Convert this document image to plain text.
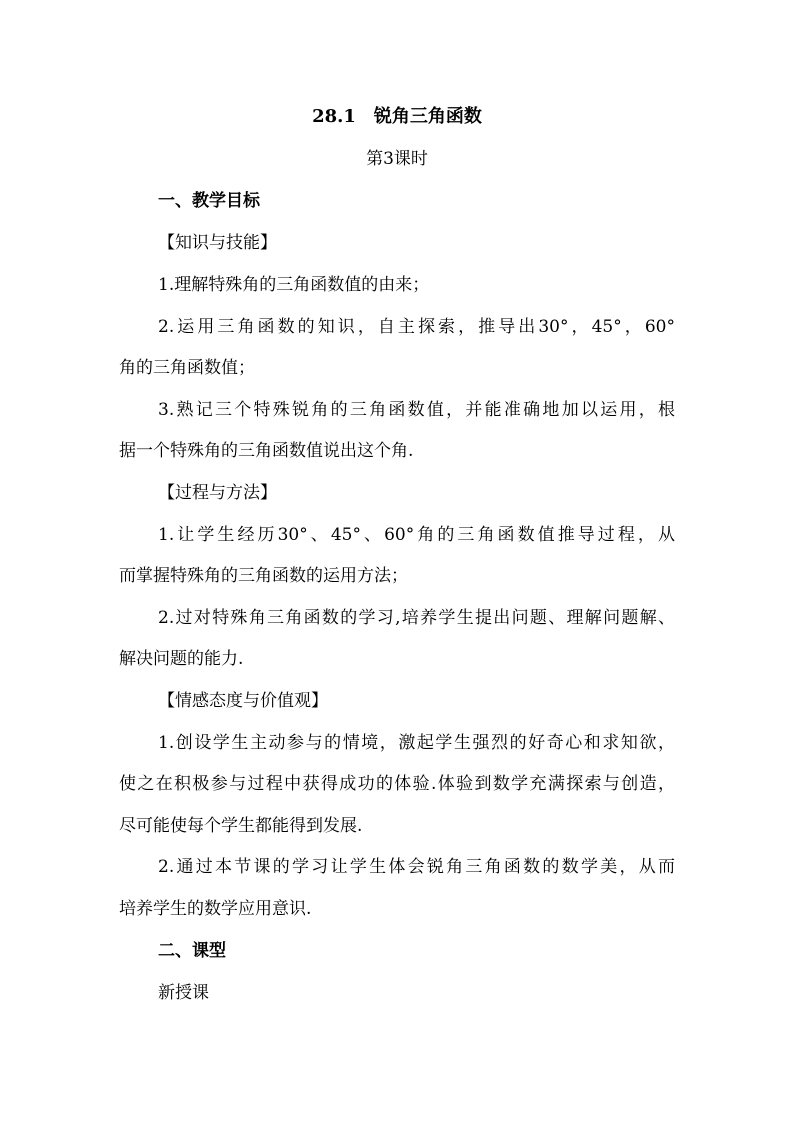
28.1　锐角三角函数
第3课时
一、教学目标
【知识与技能】
1.理解特殊角的三角函数值的由来；
2.运用三角函数的知识，自主探索，推导出30°，45°，60°
角的三角函数值；
3.熟记三个特殊锐角的三角函数值，并能准确地加以运用，根
据一个特殊角的三角函数值说出这个角.
【过程与方法】
1.让学生经历30°、45°、60°角的三角函数值推导过程，从
而掌握特殊角的三角函数的运用方法；
2.过对特殊角三角函数的学习,培养学生提出问题、理解问题解、
解决问题的能力.
【情感态度与价值观】
1.创设学生主动参与的情境，激起学生强烈的好奇心和求知欲，
使之在积极参与过程中获得成功的体验.体验到数学充满探索与创造，
尽可能使每个学生都能得到发展.
2.通过本节课的学习让学生体会锐角三角函数的数学美，从而
培养学生的数学应用意识.
二、课型
新授课
